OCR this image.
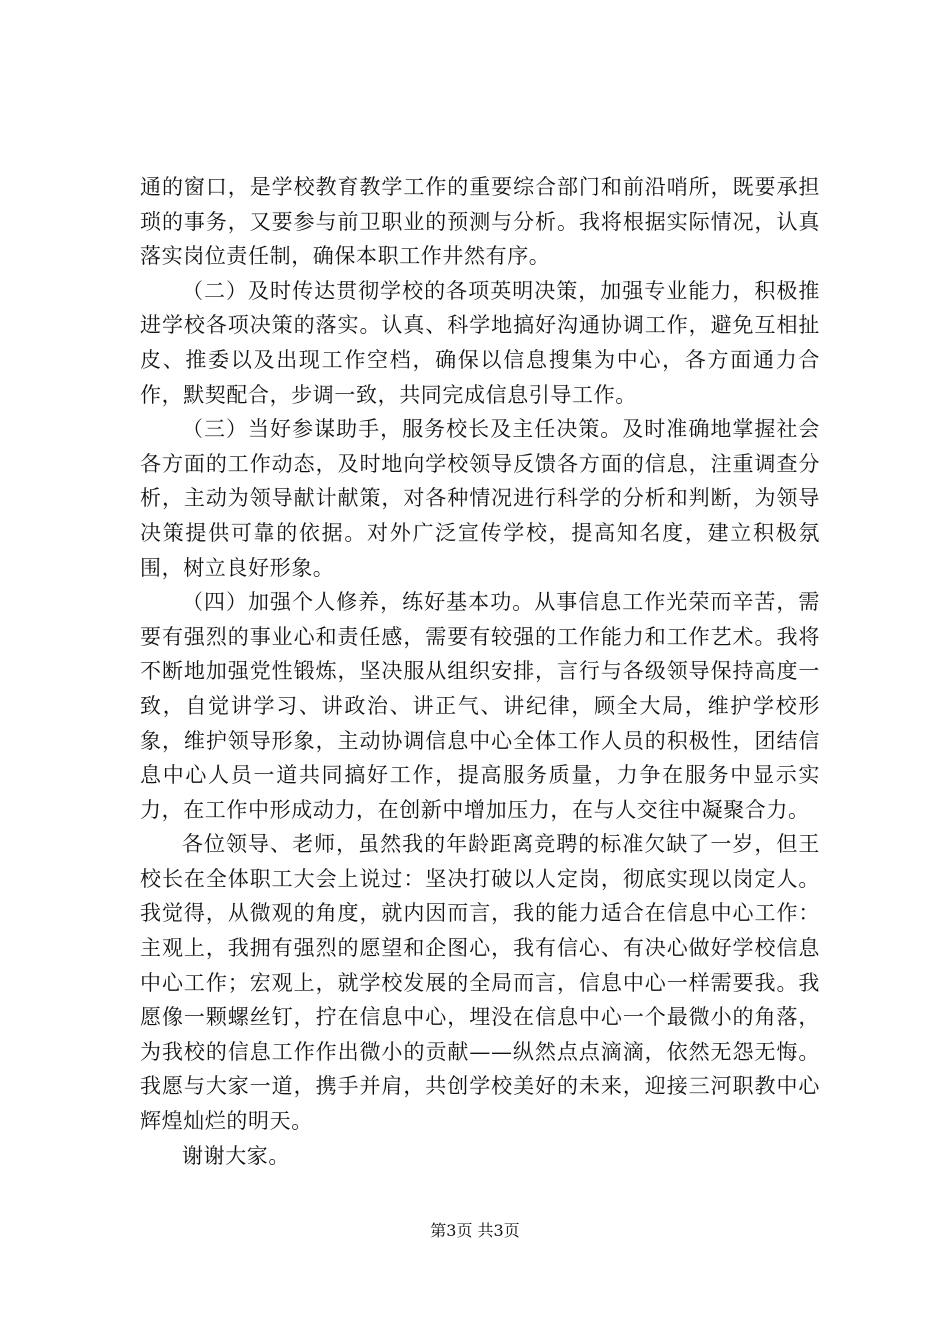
通的窗口，是学校教育教学工作的重要综合部门和前沿哨所，既要承担琐的事务，又要参与前卫职业的预测与分析。我将根据实际情况，认真落实岗位责任制，确保本职工作井然有序。

（二）及时传达贯彻学校的各项英明决策，加强专业能力，积极推进学校各项决策的落实。认真、科学地搞好沟通协调工作，避免互相扯皮、推委以及出现工作空档，确保以信息搜集为中心，各方面通力合作，默契配合，步调一致，共同完成信息引导工作。

（三）当好参谋助手，服务校长及主任决策。及时准确地掌握社会各方面的工作动态，及时地向学校领导反馈各方面的信息，注重调查分析，主动为领导献计献策，对各种情况进行科学的分析和判断，为领导决策提供可靠的依据。对外广泛宣传学校，提高知名度，建立积极氛围，树立良好形象。

（四）加强个人修养，练好基本功。从事信息工作光荣而辛苦，需要有强烈的事业心和责任感，需要有较强的工作能力和工作艺术。我将不断地加强党性锻炼，坚决服从组织安排，言行与各级领导保持高度一致，自觉讲学习、讲政治、讲正气、讲纪律，顾全大局，维护学校形象，维护领导形象，主动协调信息中心全体工作人员的积极性，团结信息中心人员一道共同搞好工作，提高服务质量，力争在服务中显示实力，在工作中形成动力，在创新中增加压力，在与人交往中凝聚合力。

各位领导、老师，虽然我的年龄距离竞聘的标准欠缺了一岁，但王校长在全体职工大会上说过：坚决打破以人定岗，彻底实现以岗定人。我觉得，从微观的角度，就内因而言，我的能力适合在信息中心工作：主观上，我拥有强烈的愿望和企图心，我有信心、有决心做好学校信息中心工作；宏观上，就学校发展的全局而言，信息中心一样需要我。我愿像一颗螺丝钉，拧在信息中心，埋没在信息中心一个最微小的角落，为我校的信息工作作出微小的贡献——纵然点点滴滴，依然无怨无悔。我愿与大家一道，携手并肩，共创学校美好的未来，迎接三河职教中心辉煌灿烂的明天。

谢谢大家。

第3页 共3页
